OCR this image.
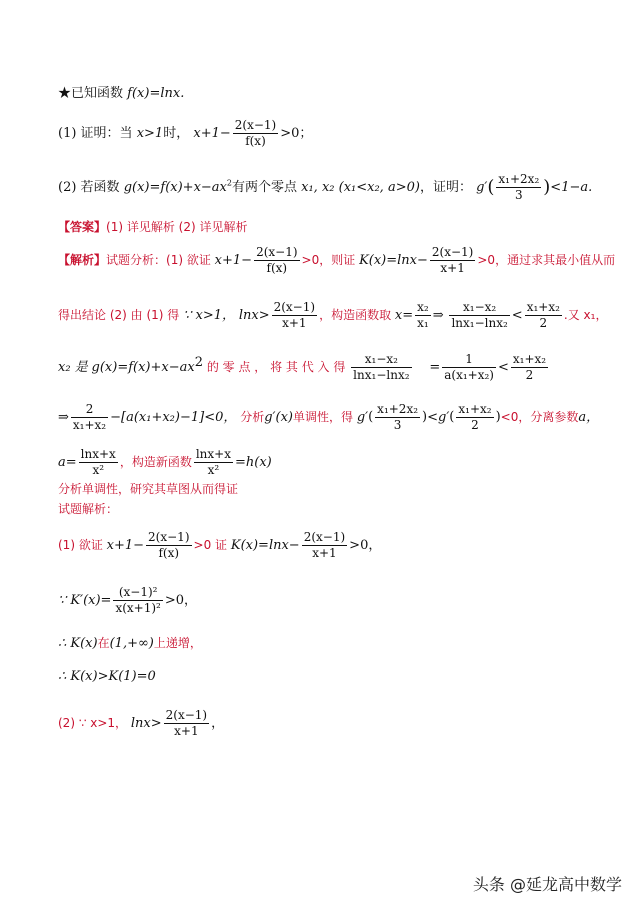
★已知函数 f(x)=lnx.
(1) 证明：当 x>1时， $x+1- \frac{2(x-1)}{f(x)} >0$；
(2) 若函数 $g(x)=f(x)+x-ax^2$有两个零点 x₁, x₂ (x₁<x₂, a>0)，证明： $g'( \frac{\text{x₁+2x₂}}{3} )<1-a$.
【答案】(1) 详见解析 (2) 详见解析
【解析】试题分析：(1) 欲证 $x+1- \frac{2(x-1)}{f(x)} >0$，则证 $K(x)=\ln x- \frac{2(x-1)}{x+1} >0$，通过求其最小值从而
得出结论 (2) 由 (1) 得 ∵ x>1， $\ln x> \frac{2(x-1)}{x+1}$ ，构造函数取 $x= \frac{\text{x₂}}{\text{x₁}}$ ⇒ $\frac{\text{x₁−x₂}}{\text{lnx₁−lnx₂}} < \frac{\text{x₁+x₂}}{2}$ .又 x₁，
x₂ 是 $g(x)=f(x)+x-ax^2$ 的 零 点 ， 将 其 代 入 得 $\frac{\text{x₁−x₂}}{\text{lnx₁−lnx₂}} = \frac{1}{\text{a(x₁+x₂)}} < \frac{\text{x₁+x₂}}{2}$
⇒ $\frac{2}{\text{x₁+x₂}} -[a(x_1+x_2)-1]<0$， 分析g′(x)单调性，得 $g'( \frac{\text{x₁+2x₂}}{3} )<g'( \frac{\text{x₁+x₂}}{2} )<0$，分离参数a，
$a= \frac{\ln x+x}{\text{x²}}$ ，构造新函数 $\frac{\ln x+x}{\text{x²}} =h(x)$
分析单调性，研究其草图从而得证
试题解析：
(1) 欲证 $x+1- \frac{2(x-1)}{f(x)} >0$ 证 $K(x)=\ln x- \frac{2(x-1)}{x+1} >0$，
∵ $K'(x)= \frac{\text{(x−1)²}}{\text{x(x+1)²}} >0$，
∴ K(x)在(1,+∞)上递增，
∴ K(x)>K(1)=0
(2) ∵ x>1， $\ln x> \frac{2(x-1)}{x+1}$ ，
头条 @延龙高中数学
